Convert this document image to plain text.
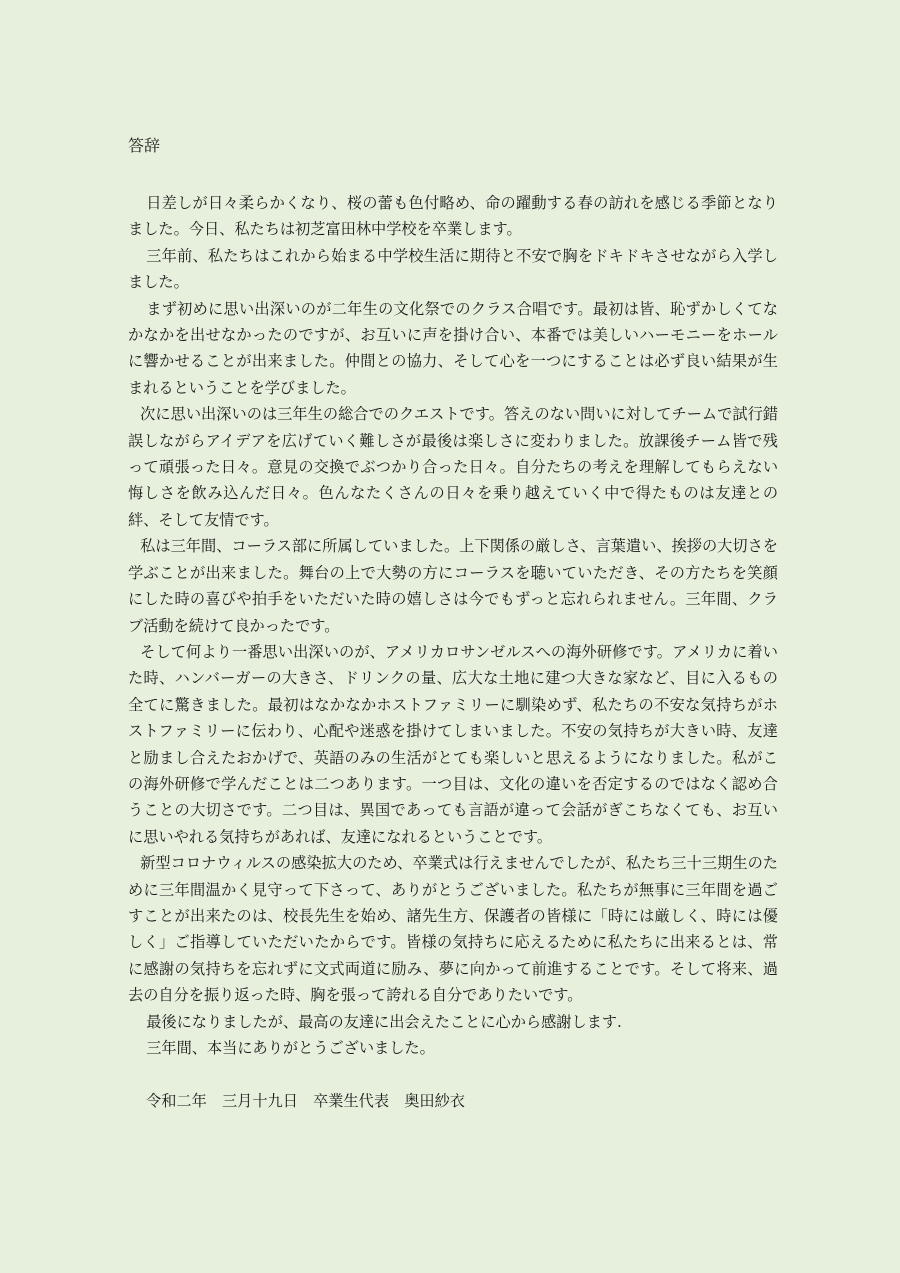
答辞

日差しが日々柔らかくなり、桜の蕾も色付略め、命の躍動する春の訪れを感じる季節となりました。今日、私たちは初芝富田林中学校を卒業します。

三年前、私たちはこれから始まる中学校生活に期待と不安で胸をドキドキさせながら入学しました。

まず初めに思い出深いのが二年生の文化祭でのクラス合唱です。最初は皆、恥ずかしくてなかなかを出せなかったのですが、お互いに声を掛け合い、本番では美しいハーモニーをホールに響かせることが出来ました。仲間との協力、そして心を一つにすることは必ず良い結果が生まれるということを学びました。

次に思い出深いのは三年生の総合でのクエストです。答えのない問いに対してチームで試行錯誤しながらアイデアを広げていく難しさが最後は楽しさに変わりました。放課後チーム皆で残って頑張った日々。意見の交換でぶつかり合った日々。自分たちの考えを理解してもらえない悔しさを飲み込んだ日々。色んなたくさんの日々を乗り越えていく中で得たものは友達との絆、そして友情です。

私は三年間、コーラス部に所属していました。上下関係の厳しさ、言葉遣い、挨拶の大切さを学ぶことが出来ました。舞台の上で大勢の方にコーラスを聴いていただき、その方たちを笑顔にした時の喜びや拍手をいただいた時の嬉しさは今でもずっと忘れられません。三年間、クラブ活動を続けて良かったです。

そして何より一番思い出深いのが、アメリカロサンゼルスへの海外研修です。アメリカに着いた時、ハンバーガーの大きさ、ドリンクの量、広大な土地に建つ大きな家など、目に入るもの全てに驚きました。最初はなかなかホストファミリーに馴染めず、私たちの不安な気持ちがホストファミリーに伝わり、心配や迷惑を掛けてしまいました。不安の気持ちが大きい時、友達と励まし合えたおかげで、英語のみの生活がとても楽しいと思えるようになりました。私がこの海外研修で学んだことは二つあります。一つ目は、文化の違いを否定するのではなく認め合うことの大切さです。二つ目は、異国であっても言語が違って会話がぎこちなくても、お互いに思いやれる気持ちがあれば、友達になれるということです。

新型コロナウィルスの感染拡大のため、卒業式は行えませんでしたが、私たち三十三期生のために三年間温かく見守って下さって、ありがとうございました。私たちが無事に三年間を過ごすことが出来たのは、校長先生を始め、諸先生方、保護者の皆様に「時には厳しく、時には優しく」ご指導していただいたからです。皆様の気持ちに応えるために私たちに出来るとは、常に感謝の気持ちを忘れずに文式両道に励み、夢に向かって前進することです。そして将来、過去の自分を振り返った時、胸を張って誇れる自分でありたいです。

最後になりましたが、最高の友達に出会えたことに心から感謝します.

三年間、本当にありがとうございました。

令和二年　三月十九日　卒業生代表　奥田紗衣
